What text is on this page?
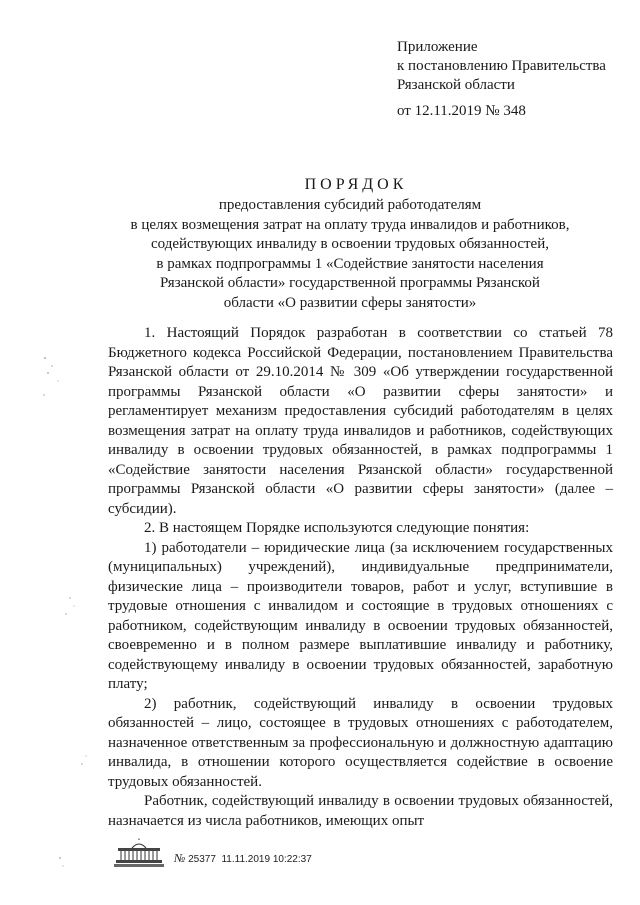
Приложение
к постановлению Правительства
Рязанской области
от 12.11.2019 № 348
ПОРЯДОК
предоставления субсидий работодателям
в целях возмещения затрат на оплату труда инвалидов и работников,
содействующих инвалиду в освоении трудовых обязанностей,
в рамках подпрограммы 1 «Содействие занятости населения
Рязанской области» государственной программы Рязанской
области «О развитии сферы занятости»

1. Настоящий Порядок разработан в соответствии со статьей 78 Бюджетного кодекса Российской Федерации, постановлением Правительства Рязанской области от 29.10.2014 № 309 «Об утверждении государственной программы Рязанской области «О развитии сферы занятости» и регламентирует механизм предоставления субсидий работодателям в целях возмещения затрат на оплату труда инвалидов и работников, содействующих инвалиду в освоении трудовых обязанностей, в рамках подпрограммы 1 «Содействие занятости населения Рязанской области» государственной программы Рязанской области «О развитии сферы занятости» (далее – субсидии).

2. В настоящем Порядке используются следующие понятия:

1) работодатели – юридические лица (за исключением государственных (муниципальных) учреждений), индивидуальные предприниматели, физические лица – производители товаров, работ и услуг, вступившие в трудовые отношения с инвалидом и состоящие в трудовых отношениях с работником, содействующим инвалиду в освоении трудовых обязанностей, своевременно и в полном размере выплатившие инвалиду и работнику, содействующему инвалиду в освоении трудовых обязанностей, заработную плату;

2) работник, содействующий инвалиду в освоении трудовых обязанностей – лицо, состоящее в трудовых отношениях с работодателем, назначенное ответственным за профессиональную и должностную адаптацию инвалида, в отношении которого осуществляется содействие в освоение трудовых обязанностей.

Работник, содействующий инвалиду в освоении трудовых обязанностей, назначается из числа работников, имеющих опыт

№ 25377 11.11.2019 10:22:37
